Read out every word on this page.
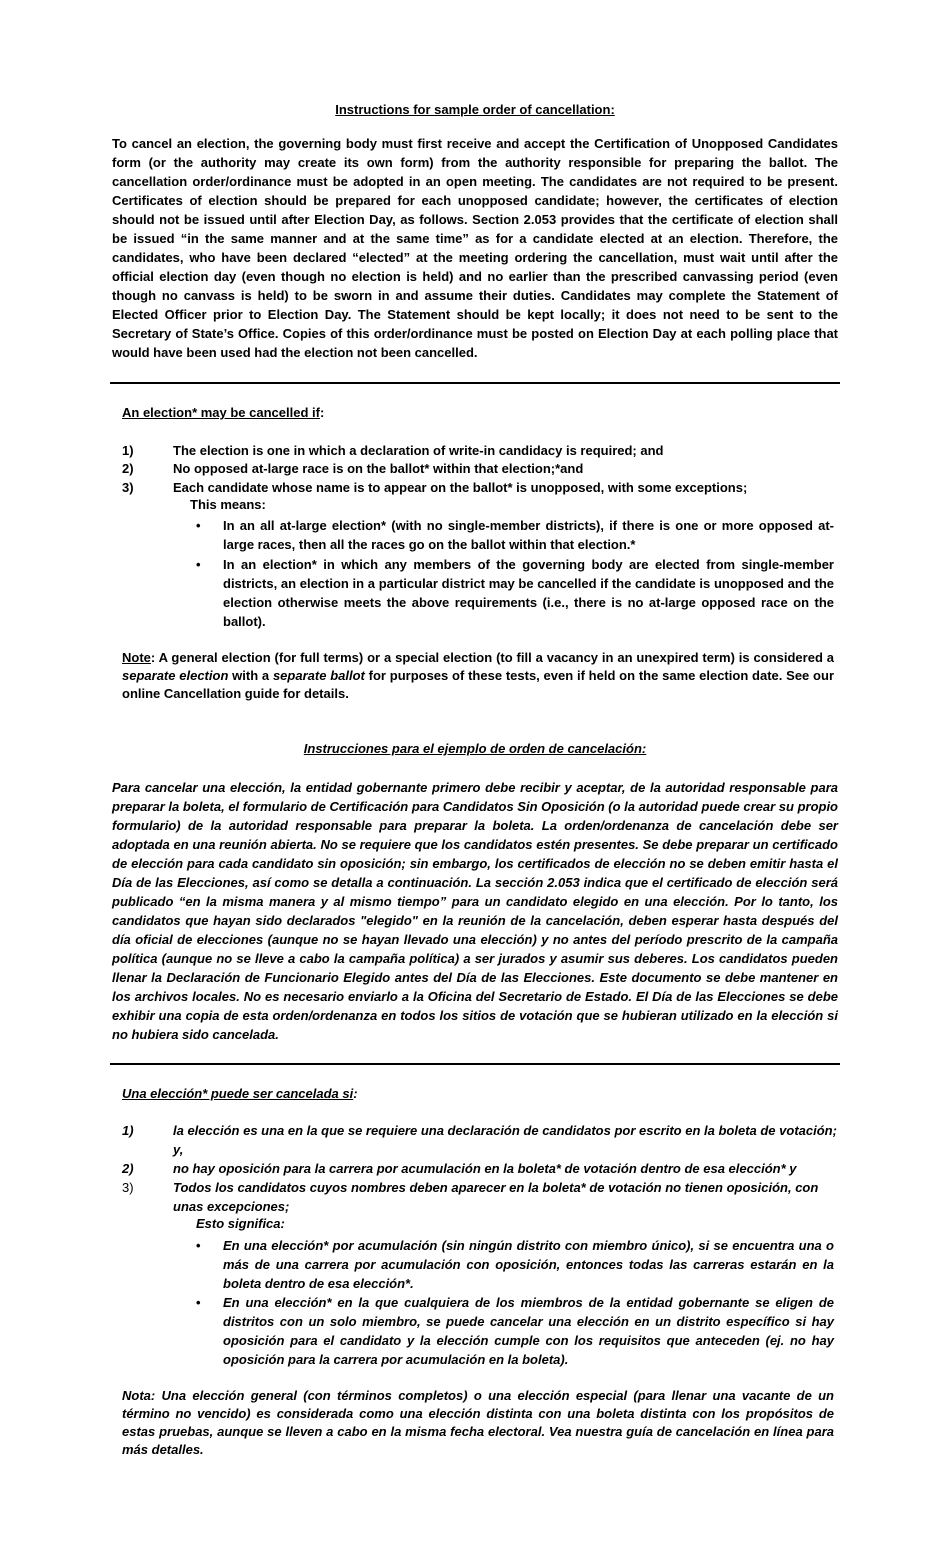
Instructions for sample order of cancellation:
To cancel an election, the governing body must first receive and accept the Certification of Unopposed Candidates form (or the authority may create its own form) from the authority responsible for preparing the ballot. The cancellation order/ordinance must be adopted in an open meeting. The candidates are not required to be present. Certificates of election should be prepared for each unopposed candidate; however, the certificates of election should not be issued until after Election Day, as follows. Section 2.053 provides that the certificate of election shall be issued “in the same manner and at the same time” as for a candidate elected at an election. Therefore, the candidates, who have been declared “elected” at the meeting ordering the cancellation, must wait until after the official election day (even though no election is held) and no earlier than the prescribed canvassing period (even though no canvass is held) to be sworn in and assume their duties. Candidates may complete the Statement of Elected Officer prior to Election Day. The Statement should be kept locally; it does not need to be sent to the Secretary of State’s Office. Copies of this order/ordinance must be posted on Election Day at each polling place that would have been used had the election not been cancelled.
An election* may be cancelled if:
1)	The election is one in which a declaration of write-in candidacy is required; and
2)	No opposed at-large race is on the ballot* within that election;*and
3)	Each candidate whose name is to appear on the ballot* is unopposed, with some exceptions;
This means:
•	In an all at-large election* (with no single-member districts), if there is one or more opposed at-large races, then all the races go on the ballot within that election.*
•	In an election* in which any members of the governing body are elected from single-member districts, an election in a particular district may be cancelled if the candidate is unopposed and the election otherwise meets the above requirements (i.e., there is no at-large opposed race on the ballot).
Note: A general election (for full terms) or a special election (to fill a vacancy in an unexpired term) is considered a separate election with a separate ballot for purposes of these tests, even if held on the same election date. See our online Cancellation guide for details.
Instrucciones para el ejemplo de orden de cancelación:
Para cancelar una elección, la entidad gobernante primero debe recibir y aceptar, de la autoridad responsable para preparar la boleta, el formulario de Certificación para Candidatos Sin Oposición (o la autoridad puede crear su propio formulario) de la autoridad responsable para preparar la boleta. La orden/ordenanza de cancelación debe ser adoptada en una reunión abierta. No se requiere que los candidatos estén presentes. Se debe preparar un certificado de elección para cada candidato sin oposición; sin embargo, los certificados de elección no se deben emitir hasta el Día de las Elecciones, así como se detalla a continuación. La sección 2.053 indica que el certificado de elección será publicado “en la misma manera y al mismo tiempo” para un candidato elegido en una elección. Por lo tanto, los candidatos que hayan sido declarados "elegido" en la reunión de la cancelación, deben esperar hasta después del día oficial de elecciones (aunque no se hayan llevado una elección) y no antes del período prescrito de la campaña política (aunque no se lleve a cabo la campaña política) a ser jurados y asumir sus deberes. Los candidatos pueden llenar la Declaración de Funcionario Elegido antes del Día de las Elecciones. Este documento se debe mantener en los archivos locales. No es necesario enviarlo a la Oficina del Secretario de Estado. El Día de las Elecciones se debe exhibir una copia de esta orden/ordenanza en todos los sitios de votación que se hubieran utilizado en la elección si no hubiera sido cancelada.
Una elección* puede ser cancelada si:
1)	la elección es una en la que se requiere una declaración de candidatos por escrito en la boleta de votación; y,
2)	no hay oposición para la carrera por acumulación en la boleta* de votación dentro de esa elección* y
3)	Todos los candidatos cuyos nombres deben aparecer en la boleta* de votación no tienen oposición, con unas excepciones;
Esto significa:
•	En una elección* por acumulación (sin ningún distrito con miembro único), si se encuentra una o más de una carrera por acumulación con oposición, entonces todas las carreras estarán en la boleta dentro de esa elección*.
•	En una elección* en la que cualquiera de los miembros de la entidad gobernante se eligen de distritos con un solo miembro, se puede cancelar una elección en un distrito específico si hay oposición para el candidato y la elección cumple con los requisitos que anteceden (ej. no hay oposición para la carrera por acumulación en la boleta).
Nota: Una elección general (con términos completos) o una elección especial (para llenar una vacante de un término no vencido) es considerada como una elección distinta con una boleta distinta con los propósitos de estas pruebas, aunque se lleven a cabo en la misma fecha electoral. Vea nuestra guía de cancelación en línea para más detalles.
